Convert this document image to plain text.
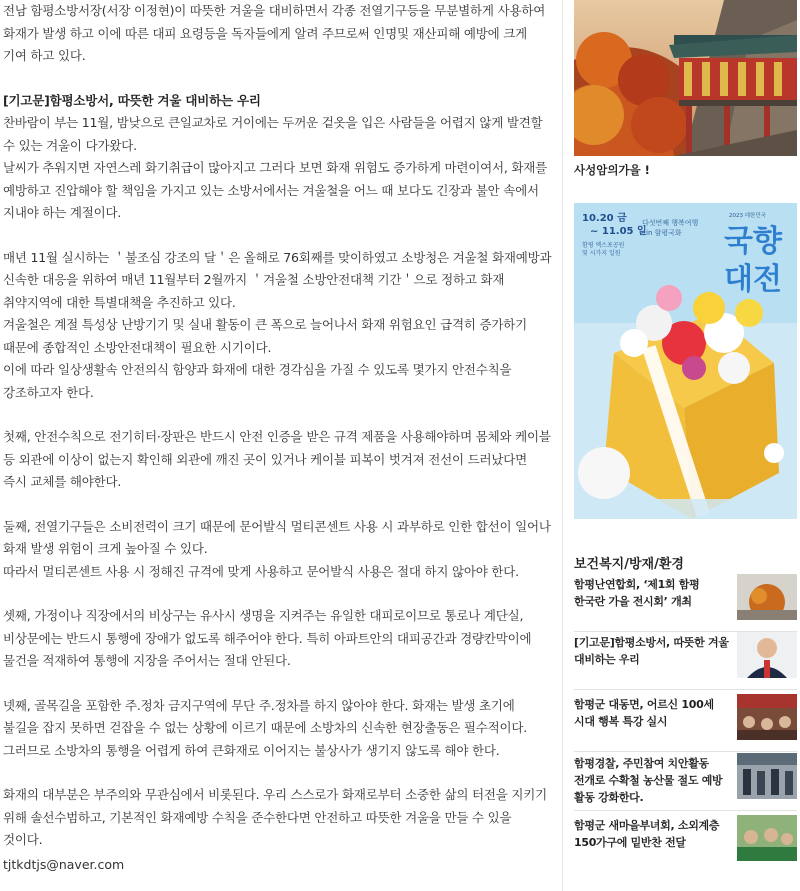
전남 함평소방서장(서장 이정현)이 따뜻한 겨울을 대비하면서 각종 전열기구등을 무분별하게 사용하여 화재가 발생 하고 이에 따른 대피 요령등을 독자들에게 알려 주므로써 인명및 재산피해 예방에 크게 기여 하고 있다.

[기고문]함평소방서, 따뜻한 겨울 대비하는 우리

찬바람이 부는 11월, 밤낮으로 큰일교차로 거이에는 두꺼운 겉옷을 입은 사람들을 어렵지 않게 발견할 수 있는 겨울이 다가왔다.

날씨가 추워지면 자연스레 화기취급이 많아지고 그러다 보면 화재 위험도 증가하게 마련이여서, 화재를 예방하고 진압해야 할 책임을 가지고 있는 소방서에서는 겨울철을 어느 때 보다도 긴장과 불안 속에서 지내야 하는 계절이다.

매년 11월 실시하는 ＇불조심 강조의 달＇은 올해로 76회째를 맞이하였고 소방청은 겨울철 화재예방과 신속한 대응을 위하여 매년 11월부터 2월까지 ＇겨울철 소방안전대책 기간＇으로 정하고 화재 취약지역에 대한 특별대책을 추진하고 있다.

겨울철은 계절 특성상 난방기기 및 실내 활동이 큰 폭으로 늘어나서 화재 위험요인 급격히 증가하기 때문에 종합적인 소방안전대책이 필요한 시기이다.

이에 따라 일상생활속 안전의식 함양과 화재에 대한 경각심을 가질 수 있도록 몇가지 안전수칙을 강조하고자 한다.

첫째, 안전수칙으로 전기히터·장판은 반드시 안전 인증을 받은 규격 제품을 사용해야하며 몸체와 케이블 등 외관에 이상이 없는지 확인해 외관에 깨진 곳이 있거나 케이블 피복이 벗겨져 전선이 드러났다면 즉시 교체를 해야한다.

둘째, 전열기구들은 소비전력이 크기 때문에 문어발식 멀티콘센트 사용 시 과부하로 인한 합선이 일어나 화재 발생 위험이 크게 높아질 수 있다.

따라서 멀티콘센트 사용 시 정해진 규격에 맞게 사용하고 문어발식 사용은 절대 하지 않아야 한다.

셋째, 가정이나 직장에서의 비상구는 유사시 생명을 지켜주는 유일한 대피로이므로 통로나 계단실, 비상문에는 반드시 통행에 장애가 없도록 해주어야 한다. 특히 아파트안의 대피공간과 경량칸막이에 물건을 적재하여 통행에 지장을 주어서는 절대 안된다.

넷째, 골목길을 포함한 주.정차 금지구역에 무단 주.정차를 하지 않아야 한다. 화재는 발생 초기에 불길을 잡지 못하면 걷잡을 수 없는 상황에 이르기 때문에 소방차의 신속한 현장출동은 필수적이다. 그러므로 소방차의 통행을 어렵게 하여 큰화재로 이어지는 불상사가 생기지 않도록 해야 한다.

화재의 대부분은 부주의와 무관심에서 비롯된다. 우리 스스로가 화재로부터 소중한 삶의 터전을 지키기 위해 솔선수범하고, 기본적인 화재예방 수칙을 준수한다면 안전하고 따뜻한 겨울을 만들 수 있을 것이다.

tjtkdtjs@naver.com
사성암의가을 !
10.20 금
~ 11.05 일
함평 엑스포공원
및 시가지 일원
다섯번째 행복여행
in 함평국화
2023 대한민국
국향
대전
보건복지/방재/환경
함평난연합회, ‘제1회 함평 한국란 가을 전시회’ 개최
[기고문]함평소방서, 따뜻한 겨울 대비하는 우리
함평군 대동면, 어르신 100세 시대 행복 특강 실시
함평경찰, 주민참여 치안활동 전개로 수확철 농산물 절도 예방 활동 강화한다.
함평군 새마을부녀회, 소외계층 150가구에 밑반찬 전달
